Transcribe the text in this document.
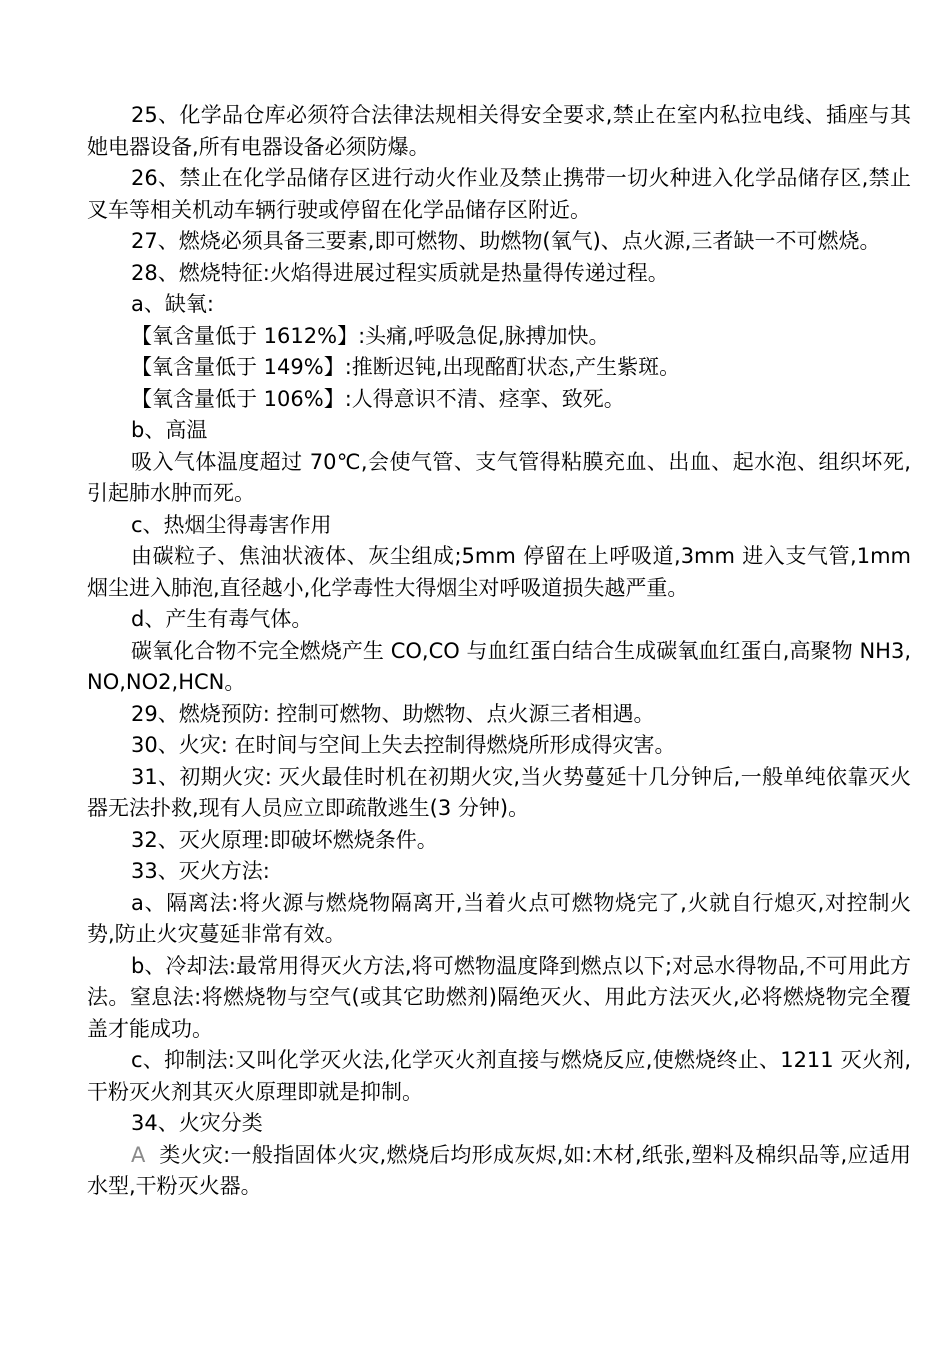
25、化学品仓库必须符合法律法规相关得安全要求,禁止在室内私拉电线、插座与其她电器设备,所有电器设备必须防爆。

26、禁止在化学品储存区进行动火作业及禁止携带一切火种进入化学品储存区,禁止叉车等相关机动车辆行驶或停留在化学品储存区附近。

27、燃烧必须具备三要素,即可燃物、助燃物(氧气)、点火源,三者缺一不可燃烧。

28、燃烧特征:火焰得进展过程实质就是热量得传递过程。

a、缺氧:

【氧含量低于 1612%】:头痛,呼吸急促,脉搏加快。

【氧含量低于 149%】:推断迟钝,出现酩酊状态,产生紫斑。

【氧含量低于 106%】:人得意识不清、痉挛、致死。

b、高温

吸入气体温度超过 70℃,会使气管、支气管得粘膜充血、出血、起水泡、组织坏死,引起肺水肿而死。

c、热烟尘得毒害作用

由碳粒子、焦油状液体、灰尘组成;5mm 停留在上呼吸道,3mm 进入支气管,1mm 烟尘进入肺泡,直径越小,化学毒性大得烟尘对呼吸道损失越严重。

d、产生有毒气体。

碳氧化合物不完全燃烧产生 CO,CO 与血红蛋白结合生成碳氧血红蛋白,高聚物 NH3,NO,NO2,HCN。

29、燃烧预防: 控制可燃物、助燃物、点火源三者相遇。

30、火灾: 在时间与空间上失去控制得燃烧所形成得灾害。

31、初期火灾: 灭火最佳时机在初期火灾,当火势蔓延十几分钟后,一般单纯依靠灭火器无法扑救,现有人员应立即疏散逃生(3 分钟)。

32、灭火原理:即破坏燃烧条件。

33、灭火方法:

a、隔离法:将火源与燃烧物隔离开,当着火点可燃物烧完了,火就自行熄灭,对控制火势,防止火灾蔓延非常有效。

b、冷却法:最常用得灭火方法,将可燃物温度降到燃点以下;对忌水得物品,不可用此方法。窒息法:将燃烧物与空气(或其它助燃剂)隔绝灭火、用此方法灭火,必将燃烧物完全覆盖才能成功。

c、抑制法:又叫化学灭火法,化学灭火剂直接与燃烧反应,使燃烧终止、1211 灭火剂, 干粉灭火剂其灭火原理即就是抑制。

34、火灾分类

A 类火灾:一般指固体火灾,燃烧后均形成灰烬,如:木材,纸张,塑料及棉织品等,应适用水型,干粉灭火器。
